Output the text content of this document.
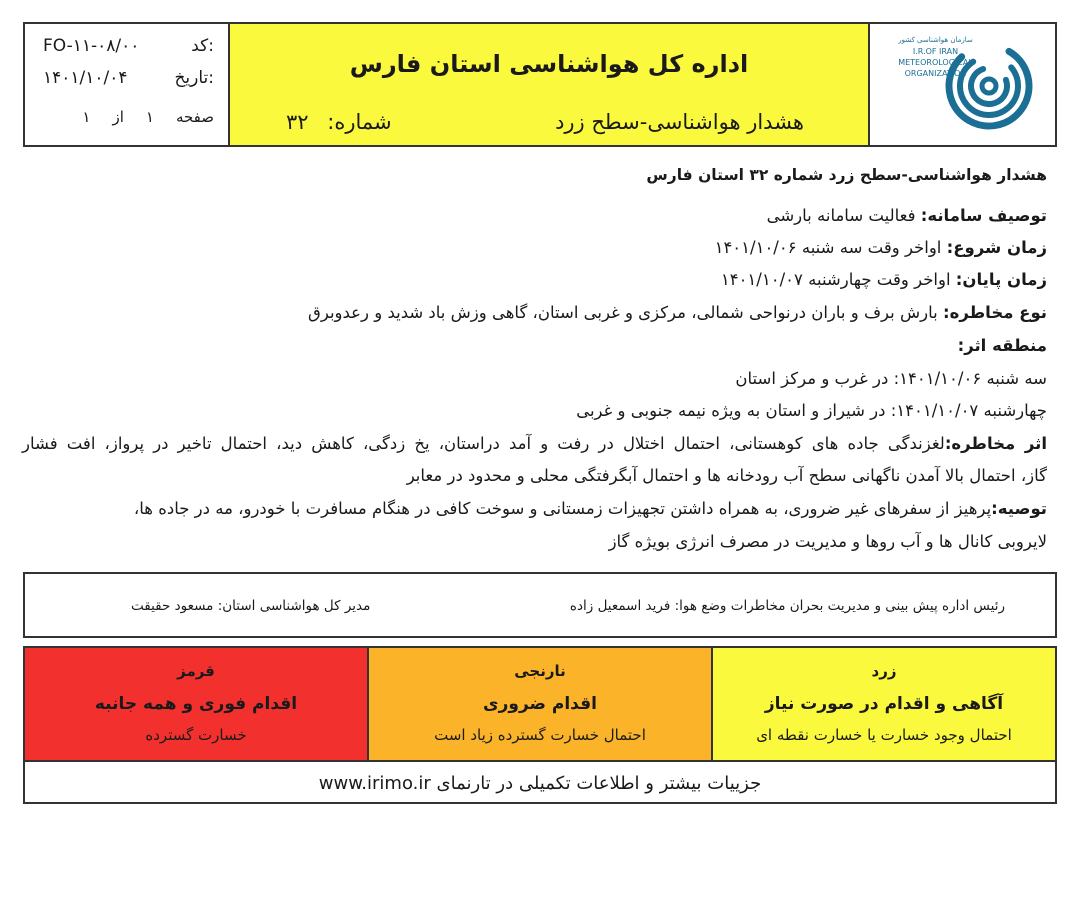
FO-۱۱-۰۸/۰۰	کد:
۱۴۰۱/۱۰/۰۴	تاریخ:
۱ از ۱ صفحه
اداره کل هواشناسی استان فارس
هشدار هواشناسی-سطح زرد
شماره: ۳۲
سازمان هواشناسی کشور
I.R.OF IRAN METEOROLOGICAL ORGANIZATION
هشدار هواشناسی-سطح زرد شماره ۳۲ استان فارس
توصیف سامانه: فعالیت سامانه بارشی
زمان شروع: اواخر وقت سه شنبه ۱۴۰۱/۱۰/۰۶
زمان پایان: اواخر وقت چهارشنبه ۱۴۰۱/۱۰/۰۷
نوع مخاطره: بارش برف و باران درنواحی شمالی، مرکزی و غربی استان، گاهی وزش باد شدید و رعدوبرق
منطقه اثر:
سه شنبه ۱۴۰۱/۱۰/۰۶: در غرب و مرکز استان
چهارشنبه ۱۴۰۱/۱۰/۰۷: در شیراز و استان به ویژه نیمه جنوبی و غربی
اثر مخاطره:لغزندگی جاده های کوهستانی، احتمال اختلال در رفت و آمد دراستان، یخ زدگی، کاهش دید، احتمال تاخیر در پرواز، افت فشار
گاز، احتمال بالا آمدن ناگهانی سطح آب رودخانه ها و احتمال آبگرفتگی محلی و محدود در معابر
توصیه:پرهیز از سفرهای غیر ضروری، به همراه داشتن تجهیزات زمستانی و سوخت کافی در هنگام مسافرت با خودرو، مه در جاده ها،
لایروبی کانال ها و آب روها و مدیریت در مصرف انرژی بویژه گاز
رئیس اداره پیش بینی و مدیریت بحران مخاطرات وضع هوا: فرید اسمعیل زاده
مدیر کل هواشناسی استان: مسعود حقیقت
قرمز
اقدام فوری و همه جانبه
خسارت گسترده
نارنجی
اقدام ضروری
احتمال خسارت گسترده زیاد است
زرد
آگاهی و اقدام در صورت نیاز
احتمال وجود خسارت یا خسارت نقطه ای
جزییات بیشتر و اطلاعات تکمیلی در تارنمای www.irimo.ir
